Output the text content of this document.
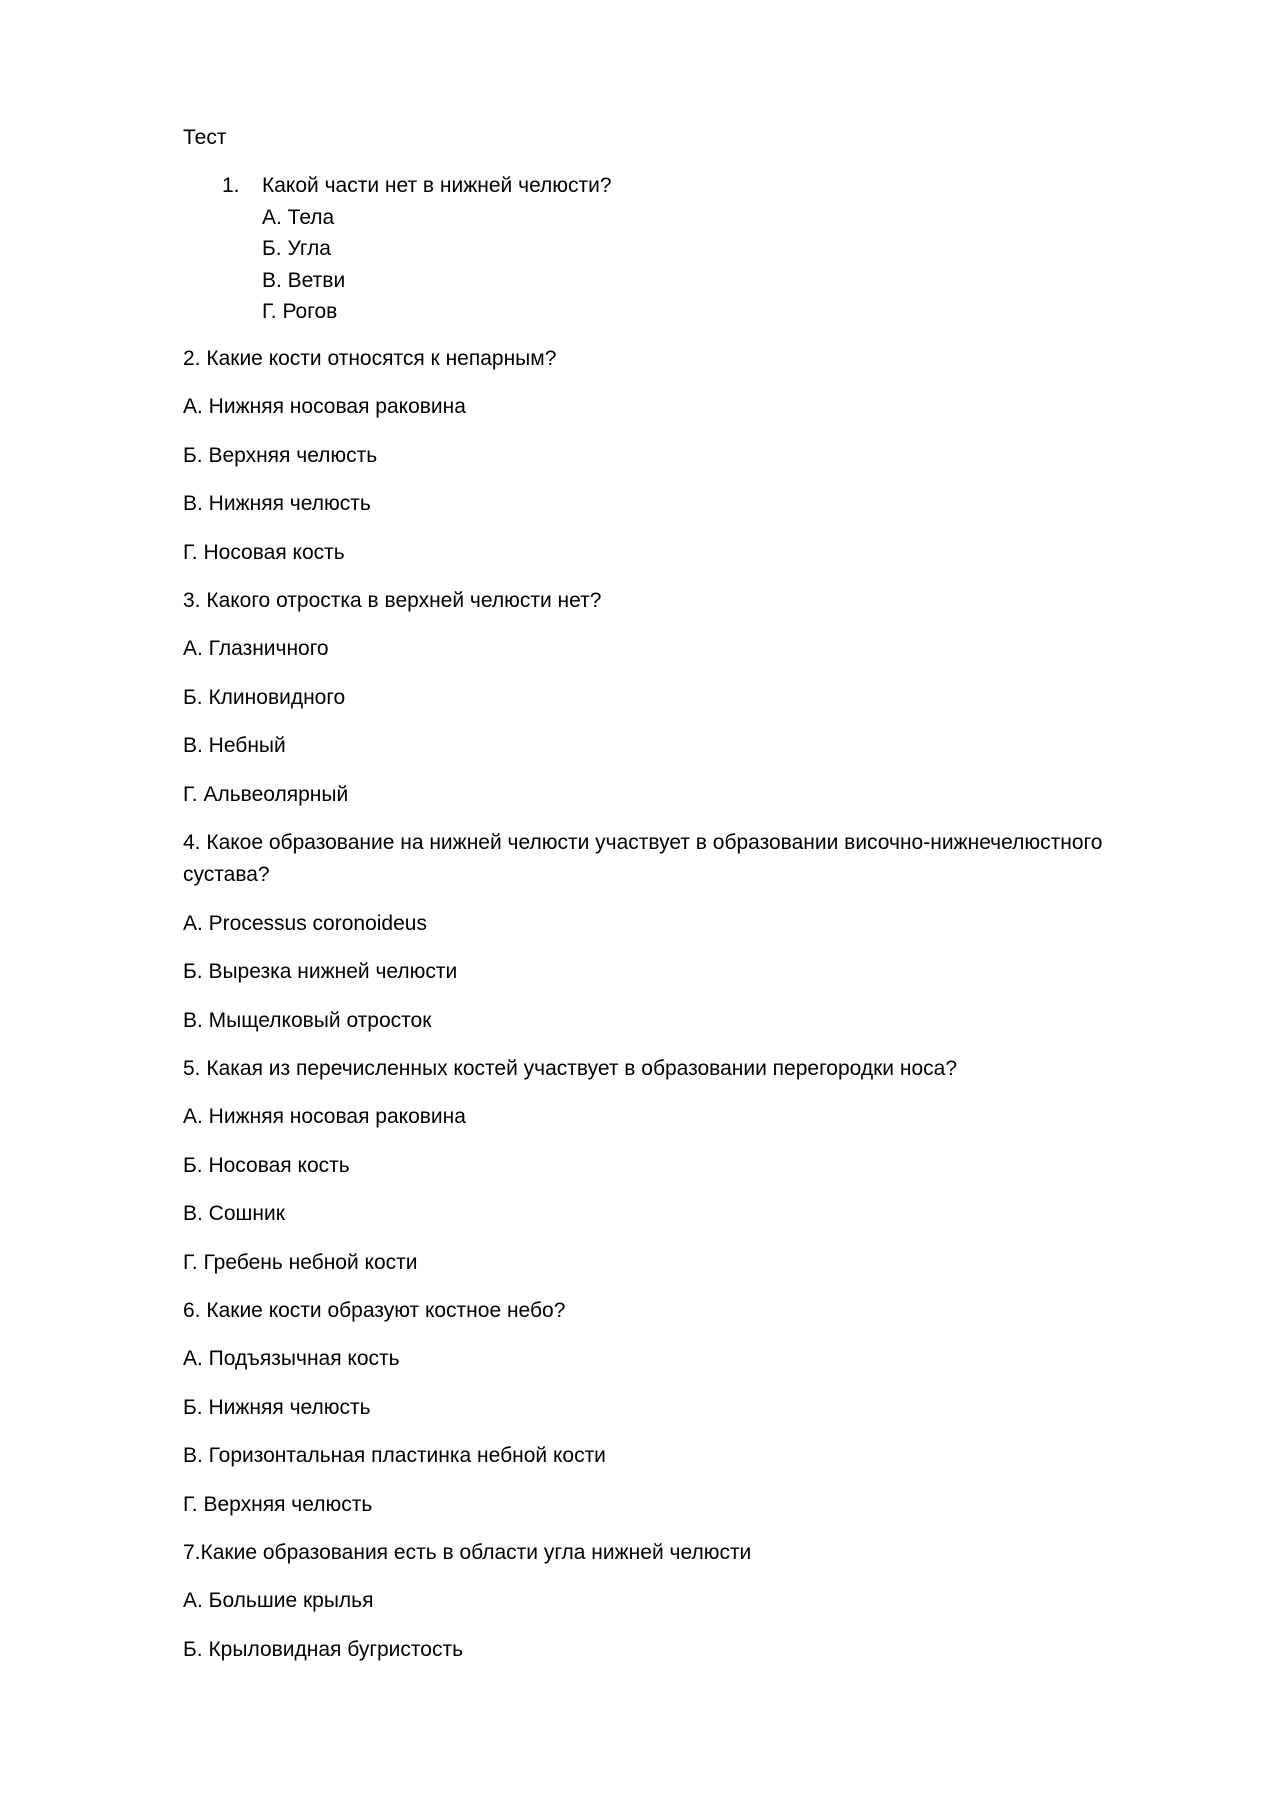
Тест
1.	Какой части нет в нижней челюсти?
А. Тела
Б. Угла
В. Ветви
Г. Рогов
2. Какие кости относятся к непарным?
А. Нижняя носовая раковина
Б. Верхняя челюсть
В. Нижняя челюсть
Г. Носовая кость
3. Какого отростка в верхней челюсти нет?
А. Глазничного
Б. Клиновидного
В. Небный
Г. Альвеолярный
4. Какое образование на нижней челюсти участвует в образовании височно-нижнечелюстного
сустава?
А. Processus coronoideus
Б. Вырезка нижней челюсти
В. Мыщелковый отросток
5. Какая из перечисленных костей участвует в образовании перегородки носа?
А. Нижняя носовая раковина
Б. Носовая кость
В. Сошник
Г. Гребень небной кости
6. Какие кости образуют костное небо?
А. Подъязычная кость
Б. Нижняя челюсть
В. Горизонтальная пластинка небной кости
Г. Верхняя челюсть
7.Какие образования есть в области угла нижней челюсти
А. Большие крылья
Б. Крыловидная бугристость
